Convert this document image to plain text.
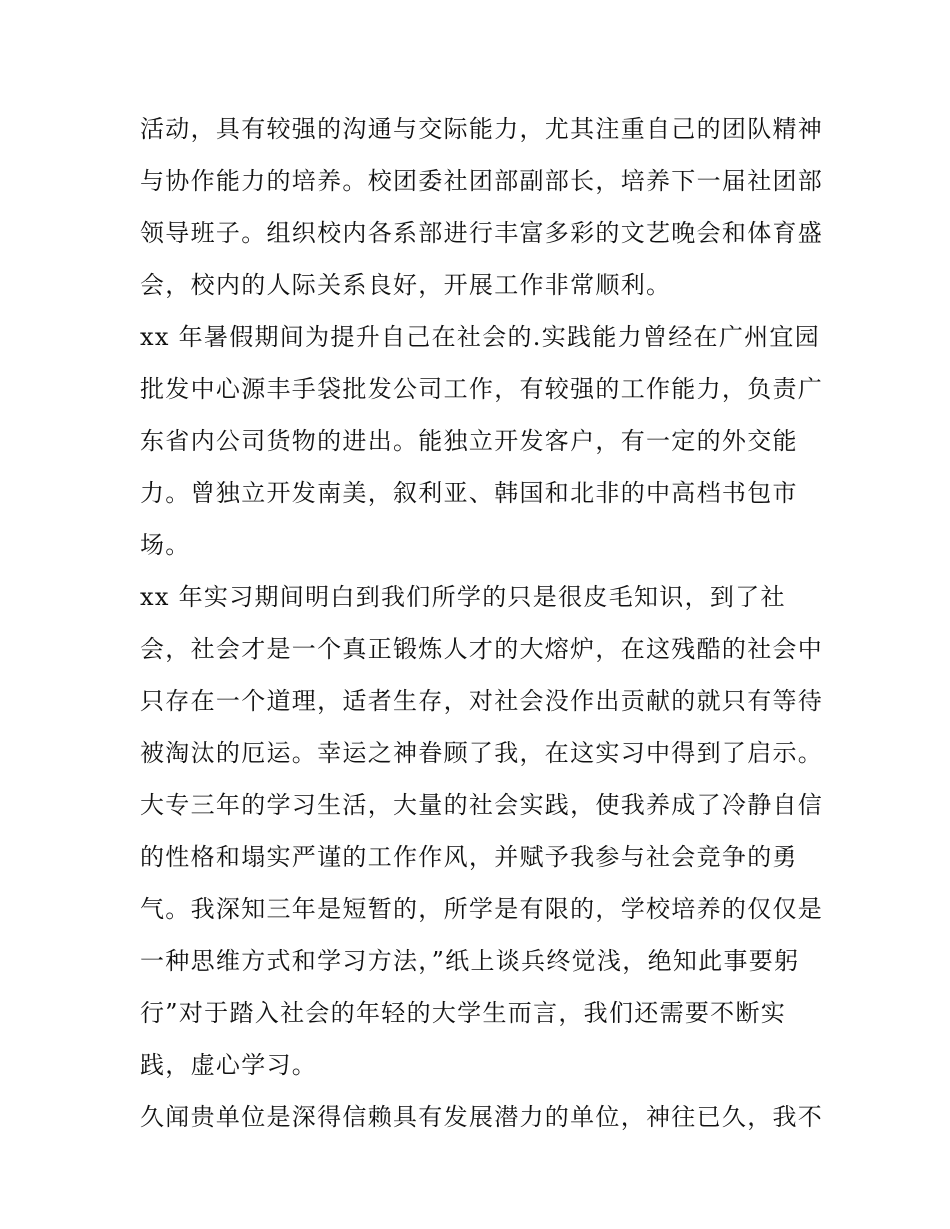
活动，具有较强的沟通与交际能力，尤其注重自己的团队精神
与协作能力的培养。校团委社团部副部长，培养下一届社团部
领导班子。组织校内各系部进行丰富多彩的文艺晚会和体育盛
会，校内的人际关系良好，开展工作非常顺利。
xx 年暑假期间为提升自己在社会的.实践能力曾经在广州宜园
批发中心源丰手袋批发公司工作，有较强的工作能力，负责广
东省内公司货物的进出。能独立开发客户，有一定的外交能
力。曾独立开发南美，叙利亚、韩国和北非的中高档书包市
场。
xx 年实习期间明白到我们所学的只是很皮毛知识，到了社
会，社会才是一个真正锻炼人才的大熔炉，在这残酷的社会中
只存在一个道理，适者生存，对社会没作出贡献的就只有等待
被淘汰的厄运。幸运之神眷顾了我，在这实习中得到了启示。
大专三年的学习生活，大量的社会实践，使我养成了冷静自信
的性格和塌实严谨的工作作风，并赋予我参与社会竞争的勇
气。我深知三年是短暂的，所学是有限的，学校培养的仅仅是
一种思维方式和学习方法，”纸上谈兵终觉浅，绝知此事要躬
行”对于踏入社会的年轻的大学生而言，我们还需要不断实
践，虚心学习。
久闻贵单位是深得信赖具有发展潜力的单位，神往已久，我不
